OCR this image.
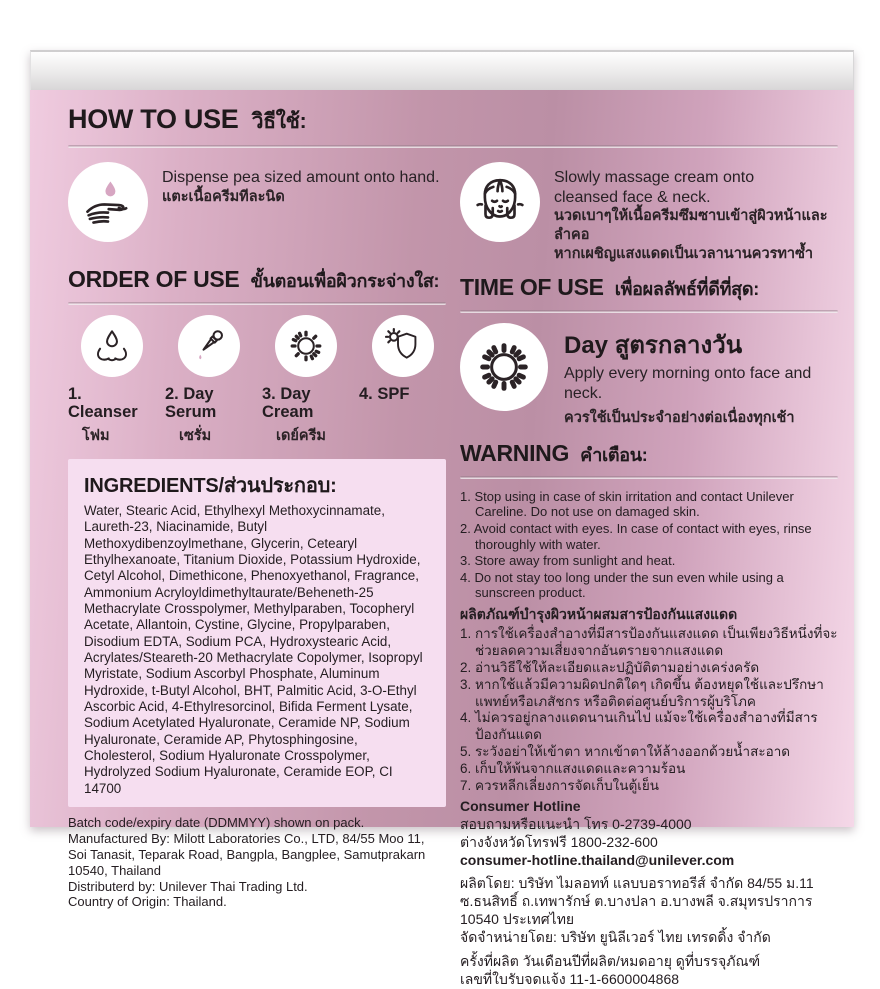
HOW TO USE วิธีใช้:
Dispense pea sized amount onto hand.
แตะเนื้อครีมทีละนิด
ORDER OF USE ขั้นตอนเพื่อผิวกระจ่างใส:
1. Cleanser
โฟม
2. Day Serum
เซรั่ม
3. Day Cream
เดย์ครีม
4. SPF
INGREDIENTS/ส่วนประกอบ:
Water, Stearic Acid, Ethylhexyl Methoxycinnamate, Laureth-23, Niacinamide, Butyl Methoxydibenzoylmethane, Glycerin, Cetearyl Ethylhexanoate, Titanium Dioxide, Potassium Hydroxide, Cetyl Alcohol, Dimethicone, Phenoxyethanol, Fragrance, Ammonium Acryloyldimethyltaurate/Beheneth-25 Methacrylate Crosspolymer, Methylparaben, Tocopheryl Acetate, Allantoin, Cystine, Glycine, Propylparaben, Disodium EDTA, Sodium PCA, Hydroxystearic Acid, Acrylates/Steareth-20 Methacrylate Copolymer, Isopropyl Myristate, Sodium Ascorbyl Phosphate, Aluminum Hydroxide, t-Butyl Alcohol, BHT, Palmitic Acid, 3-O-Ethyl Ascorbic Acid, 4-Ethylresorcinol, Bifida Ferment Lysate, Sodium Acetylated Hyaluronate, Ceramide NP, Sodium Hyaluronate, Ceramide AP, Phytosphingosine, Cholesterol, Sodium Hyaluronate Crosspolymer, Hydrolyzed Sodium Hyaluronate, Ceramide EOP, CI 14700
Batch code/expiry date (DDMMYY) shown on pack.
Manufactured By: Milott Laboratories Co., LTD, 84/55 Moo 11, Soi Tanasit, Teparak Road, Bangpla, Bangplee, Samutprakarn 10540, Thailand
Distributerd by: Unilever Thai Trading Ltd.
Country of Origin: Thailand.
Slowly massage cream onto cleansed face & neck.
นวดเบาๆให้เนื้อครีมซึมซาบเข้าสู่ผิวหน้าและลำคอ
หากเผชิญแสงแดดเป็นเวลานานควรทาซ้ำ
TIME OF USE เพื่อผลลัพธ์ที่ดีที่สุด:
Day สูตรกลางวัน
Apply every morning onto face and neck.
ควรใช้เป็นประจำอย่างต่อเนื่องทุกเช้า
WARNING คำเตือน:
1. Stop using in case of skin irritation and contact Unilever Careline. Do not use on damaged skin.
2. Avoid contact with eyes. In case of contact with eyes, rinse thoroughly with water.
3. Store away from sunlight and heat.
4. Do not stay too long under the sun even while using a sunscreen product.
ผลิตภัณฑ์บำรุงผิวหน้าผสมสารป้องกันแสงแดด
1. การใช้เครื่องสำอางที่มีสารป้องกันแสงแดด เป็นเพียงวิธีหนึ่งที่จะช่วยลดความเสี่ยงจากอันตรายจากแสงแดด
2. อ่านวิธีใช้ให้ละเอียดและปฏิบัติตามอย่างเคร่งครัด
3. หากใช้แล้วมีความผิดปกติใดๆ เกิดขึ้น ต้องหยุดใช้และปรึกษาแพทย์หรือเภสัชกร หรือติดต่อศูนย์บริการผู้บริโภค
4. ไม่ควรอยู่กลางแดดนานเกินไป แม้จะใช้เครื่องสำอางที่มีสารป้องกันแดด
5. ระวังอย่าให้เข้าตา หากเข้าตาให้ล้างออกด้วยน้ำสะอาด
6. เก็บให้พ้นจากแสงแดดและความร้อน
7. ควรหลีกเลี่ยงการจัดเก็บในตู้เย็น
Consumer Hotline
สอบถามหรือแนะนำ โทร 0-2739-4000
ต่างจังหวัดโทรฟรี 1800-232-600
consumer-hotline.thailand@unilever.com
ผลิตโดย: บริษัท ไมลอทท์ แลบบอราทอรีส์ จำกัด 84/55 ม.11 ซ.ธนสิทธิ์ ถ.เทพารักษ์ ต.บางปลา อ.บางพลี จ.สมุทรปราการ 10540 ประเทศไทย
จัดจำหน่ายโดย: บริษัท ยูนิลีเวอร์ ไทย เทรดดิ้ง จำกัด
ครั้งที่ผลิต วันเดือนปีที่ผลิต/หมดอายุ ดูที่บรรจุภัณฑ์
เลขที่ใบรับจดแจ้ง 11-1-6600004868
